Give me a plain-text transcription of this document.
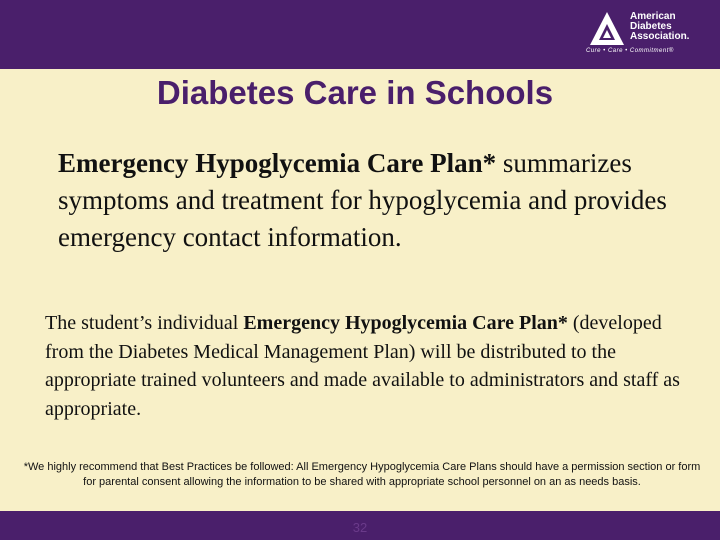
American
Diabetes
Association.
Cure • Care • Commitment®
Diabetes Care in Schools
Emergency Hypoglycemia Care Plan* summarizes symptoms and treatment for hypoglycemia and provides emergency contact information.
The student’s individual Emergency Hypoglycemia Care Plan* (developed from the Diabetes Medical Management Plan) will be distributed to the appropriate trained volunteers and made available to administrators and staff as appropriate.
*We highly recommend that Best Practices be followed: All Emergency Hypoglycemia Care Plans should have a permission section or form for parental consent allowing the information to be shared with appropriate school personnel on an as needs basis.
32
